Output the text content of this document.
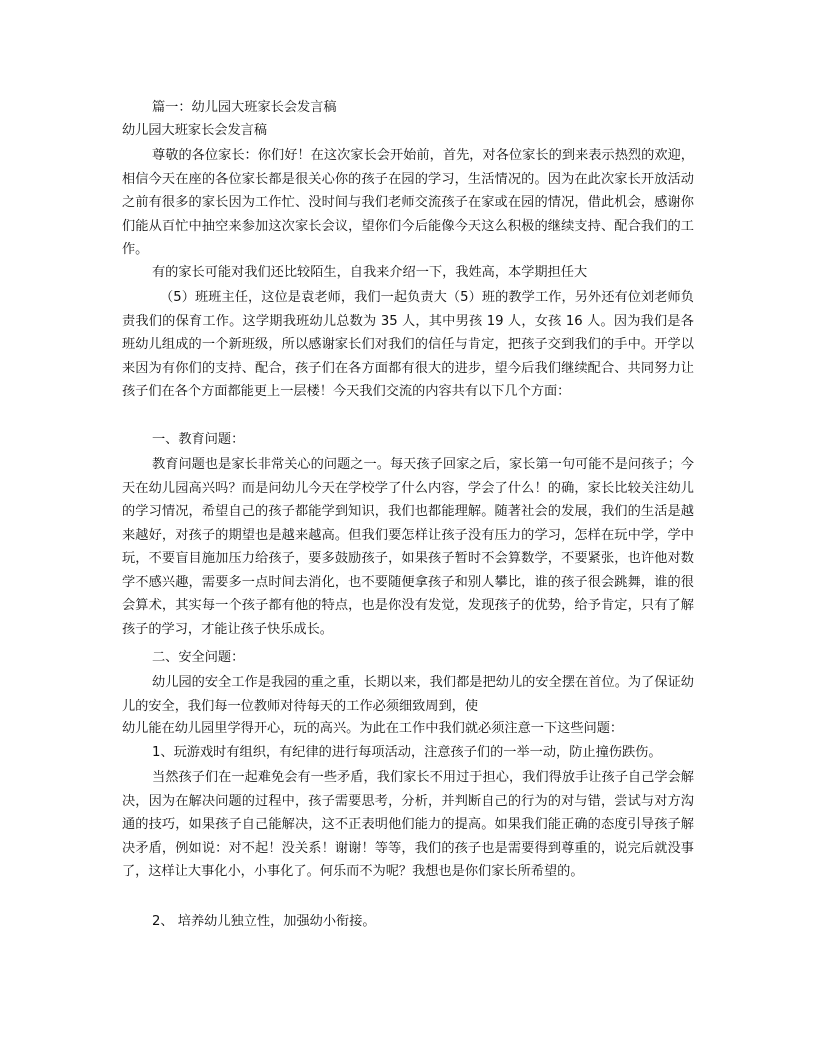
篇一：幼儿园大班家长会发言稿

幼儿园大班家长会发言稿

尊敬的各位家长：你们好！在这次家长会开始前，首先，对各位家长的到来表示热烈的欢迎，相信今天在座的各位家长都是很关心你的孩子在园的学习，生活情况的。因为在此次家长开放活动之前有很多的家长因为工作忙、没时间与我们老师交流孩子在家或在园的情况，借此机会，感谢你们能从百忙中抽空来参加这次家长会议，望你们今后能像今天这么积极的继续支持、配合我们的工作。

有的家长可能对我们还比较陌生，自我来介绍一下，我姓高，本学期担任大

（5）班班主任，这位是袁老师，我们一起负责大（5）班的教学工作，另外还有位刘老师负责我们的保育工作。这学期我班幼儿总数为 35 人，其中男孩 19 人，女孩 16 人。因为我们是各班幼儿组成的一个新班级，所以感谢家长们对我们的信任与肯定，把孩子交到我们的手中。开学以来因为有你们的支持、配合，孩子们在各方面都有很大的进步，望今后我们继续配合、共同努力让孩子们在各个方面都能更上一层楼！今天我们交流的内容共有以下几个方面：

一、教育问题：

教育问题也是家长非常关心的问题之一。每天孩子回家之后，家长第一句可能不是问孩子；今天在幼儿园高兴吗？而是问幼儿今天在学校学了什么内容，学会了什么！的确，家长比较关注幼儿的学习情况，希望自己的孩子都能学到知识，我们也都能理解。随著社会的发展，我们的生活是越来越好，对孩子的期望也是越来越高。但我们要怎样让孩子没有压力的学习，怎样在玩中学，学中玩，不要盲目施加压力给孩子，要多鼓励孩子，如果孩子暂时不会算数学，不要紧张，也许他对数学不感兴趣，需要多一点时间去消化，也不要随便拿孩子和别人攀比，谁的孩子很会跳舞，谁的很会算术，其实每一个孩子都有他的特点，也是你没有发觉，发现孩子的优势，给予肯定，只有了解孩子的学习，才能让孩子快乐成长。

二、安全问题：

幼儿园的安全工作是我园的重之重，长期以来，我们都是把幼儿的安全摆在首位。为了保证幼儿的安全，我们每一位教师对待每天的工作必须细致周到，使

幼儿能在幼儿园里学得开心，玩的高兴。为此在工作中我们就必须注意一下这些问题：

1、玩游戏时有组织，有纪律的进行每项活动，注意孩子们的一举一动，防止撞伤跌伤。

当然孩子们在一起难免会有一些矛盾，我们家长不用过于担心，我们得放手让孩子自己学会解决，因为在解决问题的过程中，孩子需要思考，分析，并判断自己的行为的对与错，尝试与对方沟通的技巧，如果孩子自己能解决，这不正表明他们能力的提高。如果我们能正确的态度引导孩子解决矛盾，例如说：对不起！没关系！谢谢！等等，我们的孩子也是需要得到尊重的，说完后就没事了，这样让大事化小，小事化了。何乐而不为呢？我想也是你们家长所希望的。

2、 培养幼儿独立性，加强幼小衔接。
